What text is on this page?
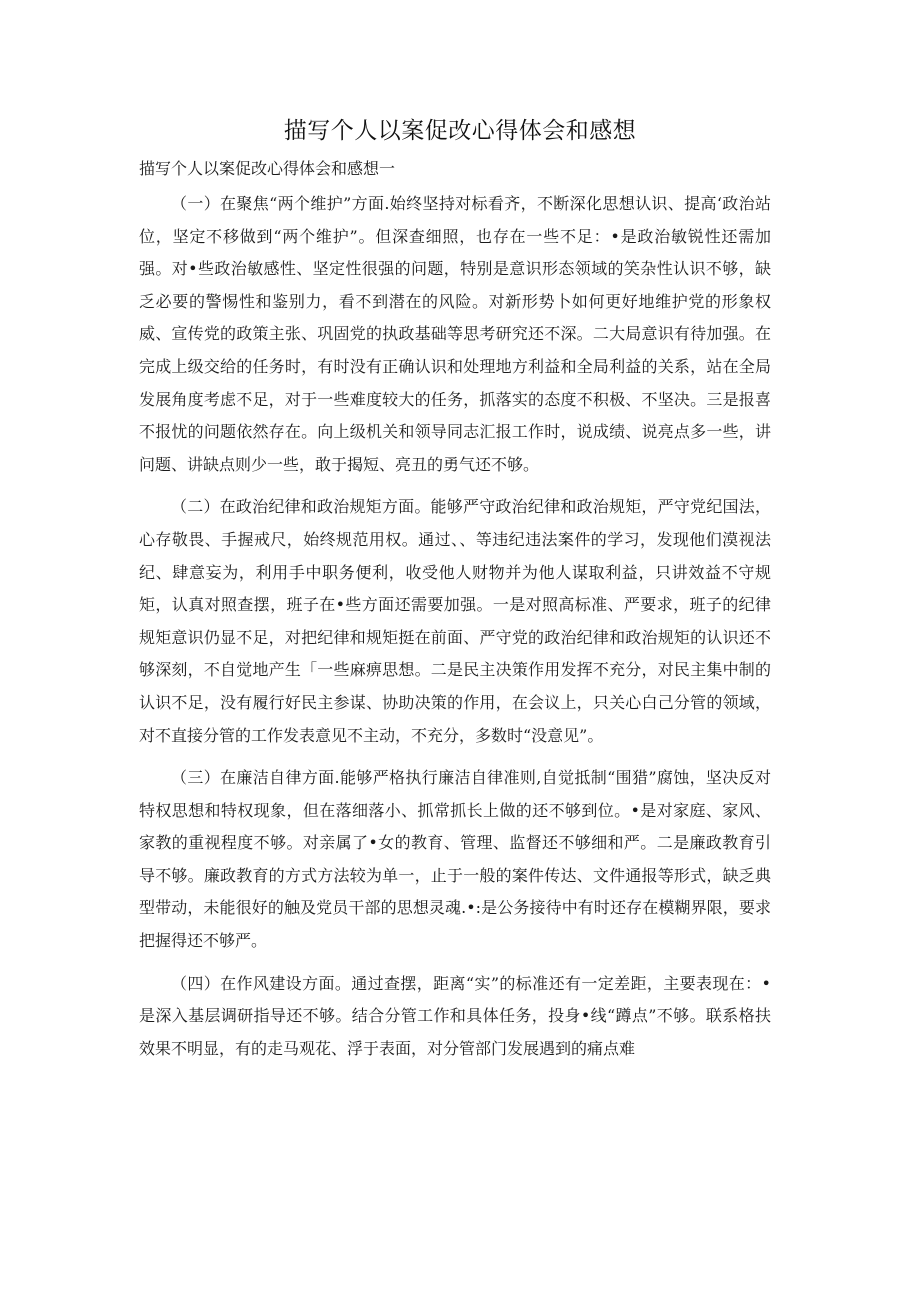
描写个人以案促改心得体会和感想
描写个人以案促改心得体会和感想一

（一）在聚焦“两个维护”方面.始终坚持对标看齐，不断深化思想认识、提高‘政治站位，坚定不移做到“两个维护”。但深查细照，也存在一些不足：•是政治敏锐性还需加强。对•些政治敏感性、坚定性很强的问题，特别是意识形态领域的笑杂性认识不够，缺乏必要的警惕性和鉴别力，看不到潜在的风险。对新形势卜如何更好地维护党的形象权威、宣传党的政策主张、巩固党的执政基础等思考研究还不深。二大局意识有待加强。在完成上级交给的任务时，有时没有正确认识和处理地方利益和全局利益的关系，站在全局发展角度考虑不足，对于一些难度较大的任务，抓落实的态度不积极、不坚决。三是报喜不报忧的问题依然存在。向上级机关和领导同志汇报工作时，说成绩、说亮点多一些，讲问题、讲缺点则少一些，敢于揭短、亮丑的勇气还不够。

（二）在政治纪律和政治规矩方面。能够严守政治纪律和政治规矩，严守党纪国法，心存敬畏、手握戒尺，始终规范用权。通过、、等违纪违法案件的学习，发现他们漠视法纪、肆意妄为，利用手中职务便利，收受他人财物并为他人谋取利益，只讲效益不守规矩，认真对照查摆，班子在•些方面还需要加强。一是对照高标准、严要求，班子的纪律规矩意识仍显不足，对把纪律和规矩挺在前面、严守党的政治纪律和政治规矩的认识还不够深刻，不自觉地产生「一些麻痹思想。二是民主决策作用发挥不充分，对民主集中制的认识不足，没有履行好民主参谋、协助决策的作用，在会议上，只关心白己分管的领域，对不直接分管的工作发表意见不主动，不充分，多数时“没意见”。

（三）在廉洁自律方面.能够严格执行廉洁自律准则,自觉抵制“围猎”腐蚀，坚决反对特权思想和特权现象，但在落细落小、抓常抓长上做的还不够到位。•是对家庭、家风、家教的重视程度不够。对亲属了•女的教育、管理、监督还不够细和严。二是廉政教育引导不够。廉政教育的方式方法较为单一，止于一般的案件传达、文件通报等形式，缺乏典型带动，未能很好的触及党员干部的思想灵魂.•:是公务接待中有时还存在模糊界限，要求把握得还不够严。

（四）在作风建设方面。通过查摆，距离“实”的标准还有一定差距，主要表现在：•是深入基层调研指导还不够。结合分管工作和具体任务，投身•线“蹲点”不够。联系格扶效果不明显，有的走马观花、浮于表面，对分管部门发展遇到的痛点难
